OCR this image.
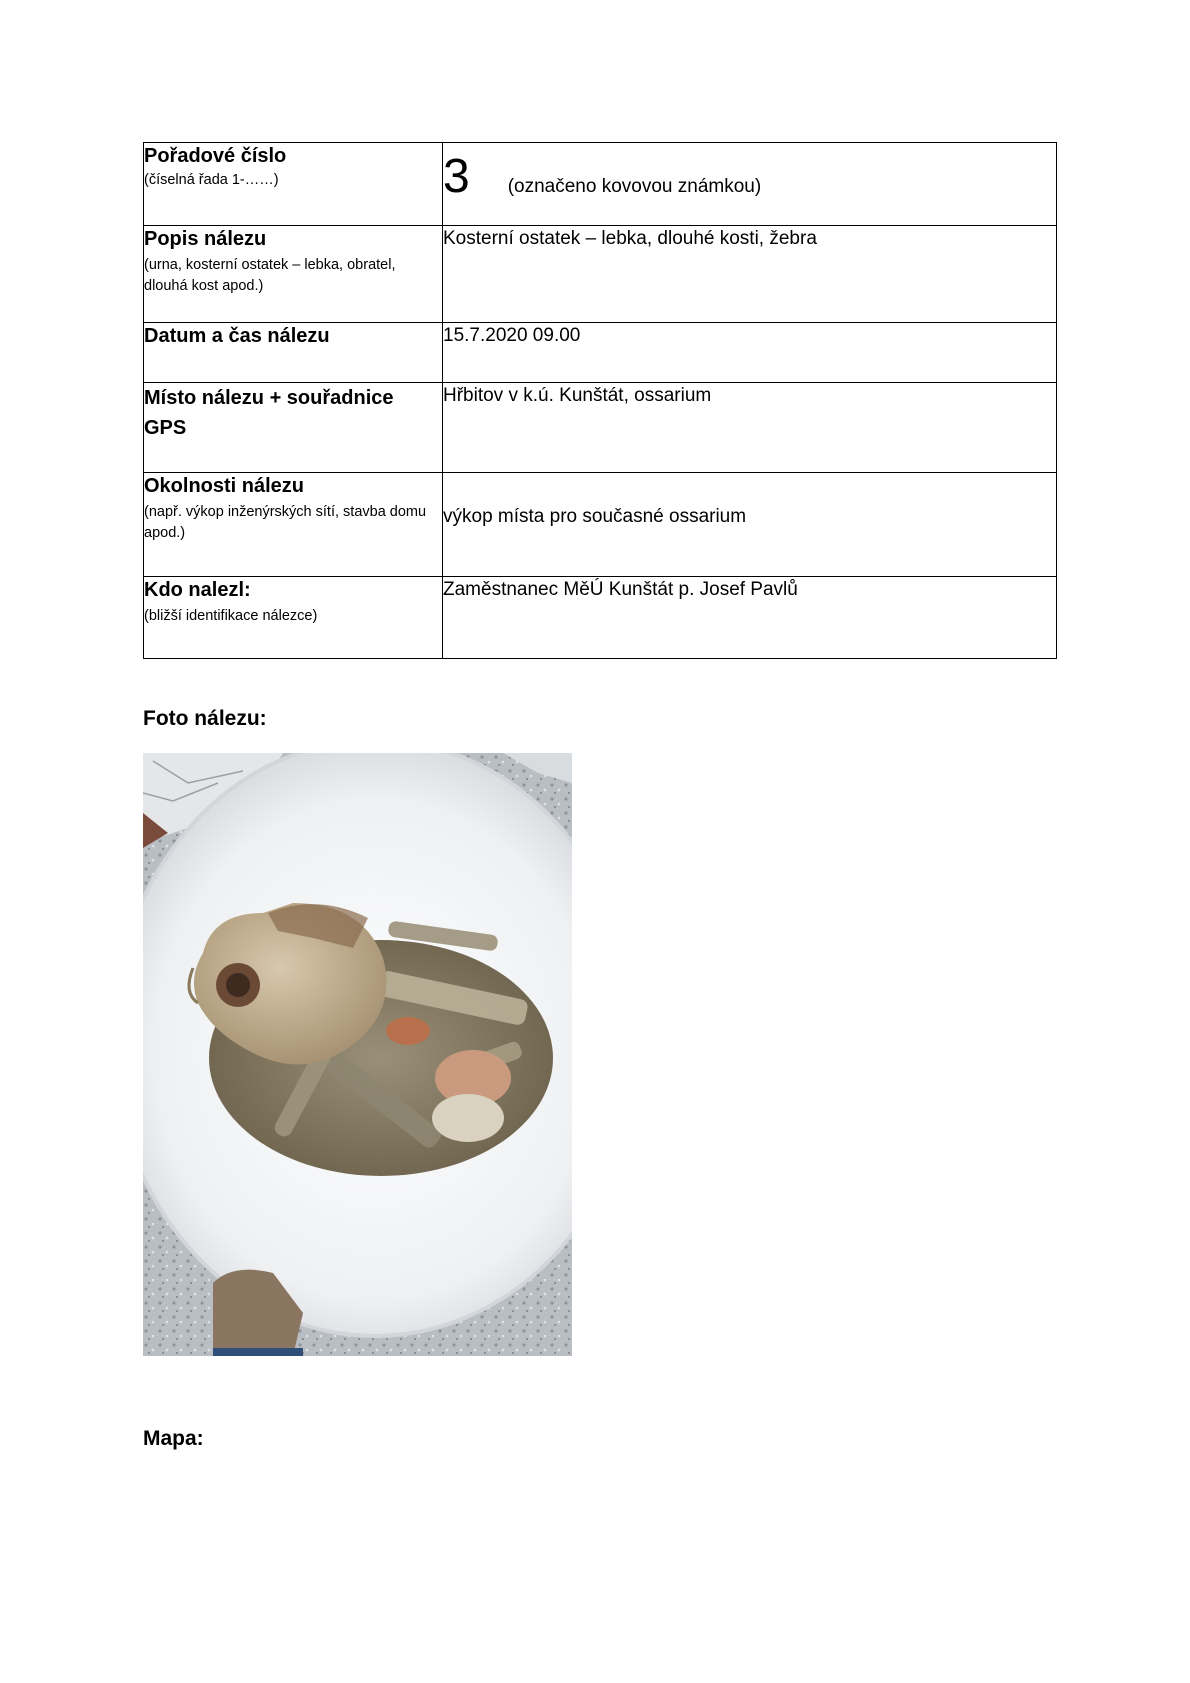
Pořadové číslo
(číselná řada 1-……)	3 (označeno kovovou známkou)

Popis nálezu
(urna, kosterní ostatek – lebka, obratel, dlouhá kost apod.)	Kosterní ostatek – lebka, dlouhé kosti, žebra

Datum a čas nálezu	15.7.2020 09.00

Místo nálezu + souřadnice GPS	Hřbitov v k.ú. Kunštát, ossarium

Okolnosti nálezu
(např. výkop inženýrských sítí, stavba domu apod.)	výkop místa pro současné ossarium

Kdo nalezl:
(bližší identifikace nálezce)	Zaměstnanec MěÚ Kunštát p. Josef Pavlů
Foto nálezu:
Mapa:
